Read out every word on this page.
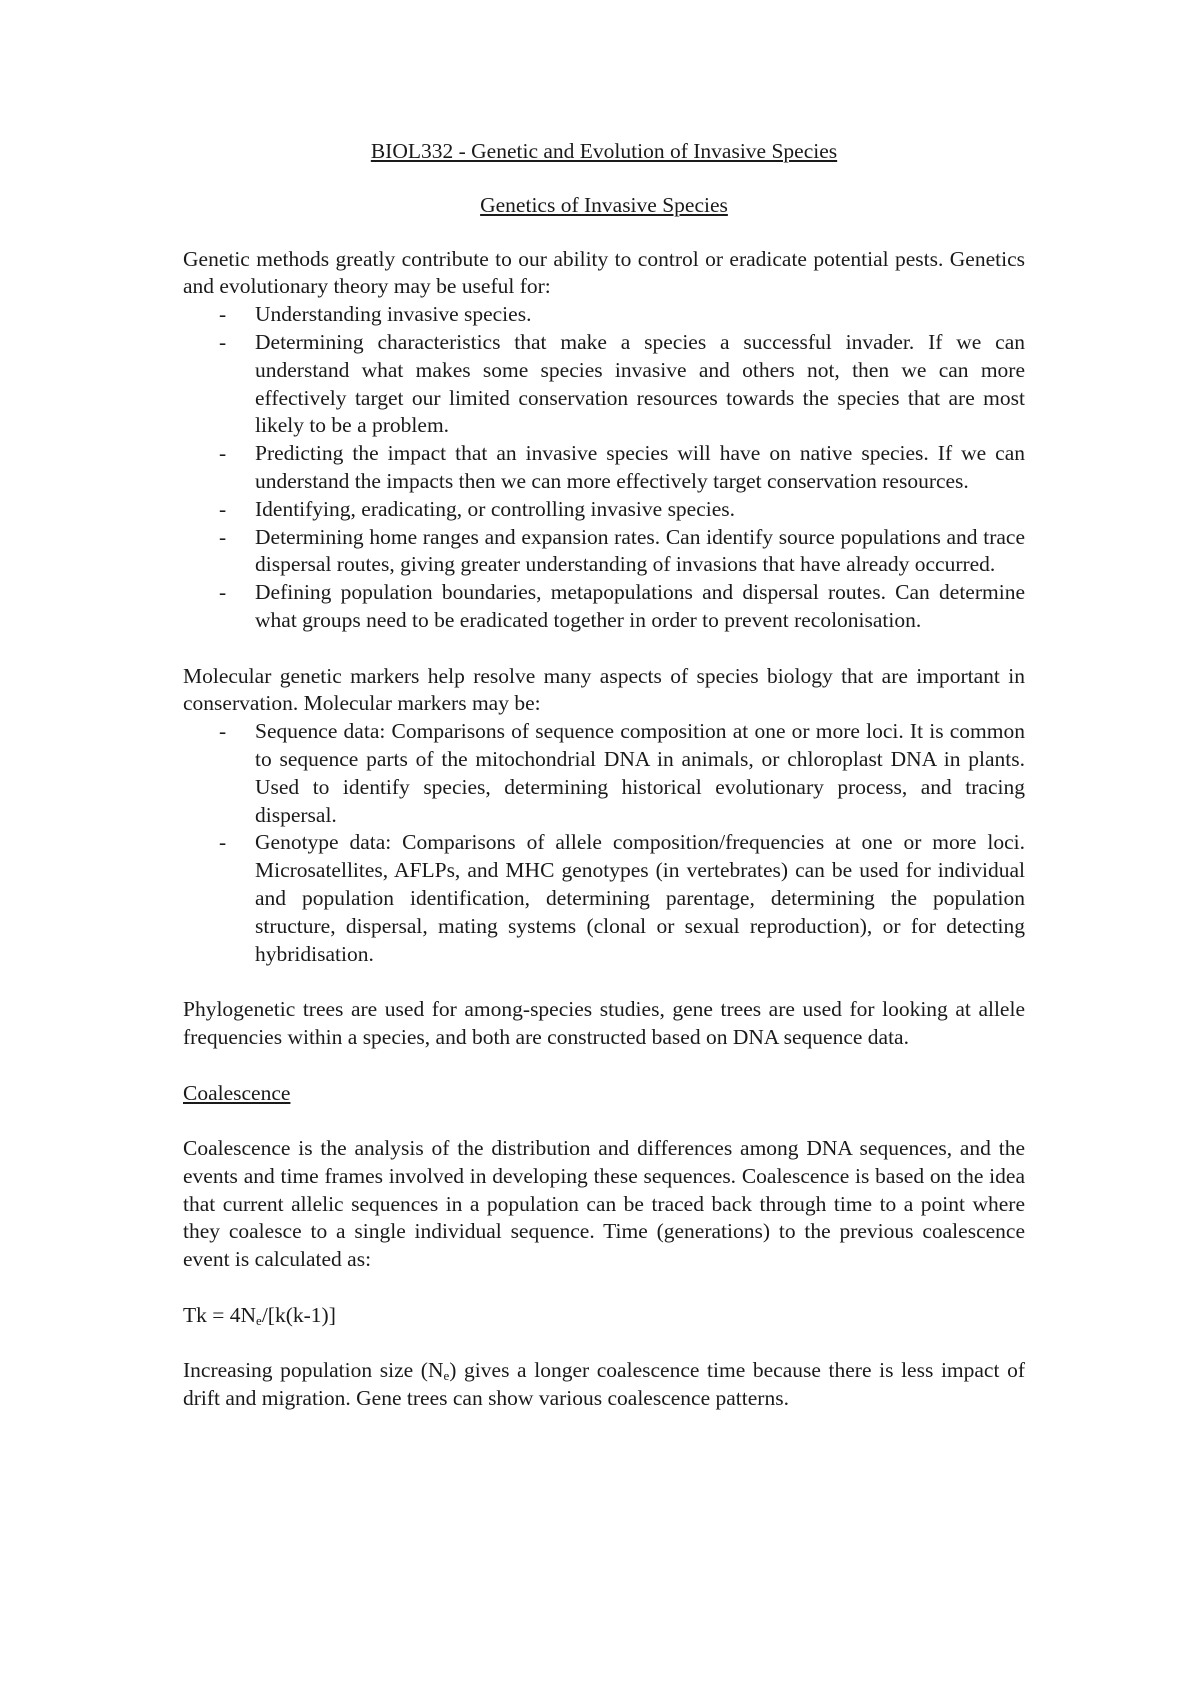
BIOL332 - Genetic and Evolution of Invasive Species

Genetics of Invasive Species

Genetic methods greatly contribute to our ability to control or eradicate potential pests. Genetics and evolutionary theory may be useful for:

- Understanding invasive species.
- Determining characteristics that make a species a successful invader. If we can understand what makes some species invasive and others not, then we can more effectively target our limited conservation resources towards the species that are most likely to be a problem.
- Predicting the impact that an invasive species will have on native species. If we can understand the impacts then we can more effectively target conservation resources.
- Identifying, eradicating, or controlling invasive species.
- Determining home ranges and expansion rates. Can identify source populations and trace dispersal routes, giving greater understanding of invasions that have already occurred.
- Defining population boundaries, metapopulations and dispersal routes. Can determine what groups need to be eradicated together in order to prevent recolonisation.

Molecular genetic markers help resolve many aspects of species biology that are important in conservation. Molecular markers may be:

- Sequence data: Comparisons of sequence composition at one or more loci. It is common to sequence parts of the mitochondrial DNA in animals, or chloroplast DNA in plants. Used to identify species, determining historical evolutionary process, and tracing dispersal.
- Genotype data: Comparisons of allele composition/frequencies at one or more loci. Microsatellites, AFLPs, and MHC genotypes (in vertebrates) can be used for individual and population identification, determining parentage, determining the population structure, dispersal, mating systems (clonal or sexual reproduction), or for detecting hybridisation.

Phylogenetic trees are used for among-species studies, gene trees are used for looking at allele frequencies within a species, and both are constructed based on DNA sequence data.

Coalescence

Coalescence is the analysis of the distribution and differences among DNA sequences, and the events and time frames involved in developing these sequences. Coalescence is based on the idea that current allelic sequences in a population can be traced back through time to a point where they coalesce to a single individual sequence. Time (generations) to the previous coalescence event is calculated as:

$Tk = 4N_e/[k(k-1)]$

Increasing population size $(N_e)$ gives a longer coalescence time because there is less impact of drift and migration. Gene trees can show various coalescence patterns.
